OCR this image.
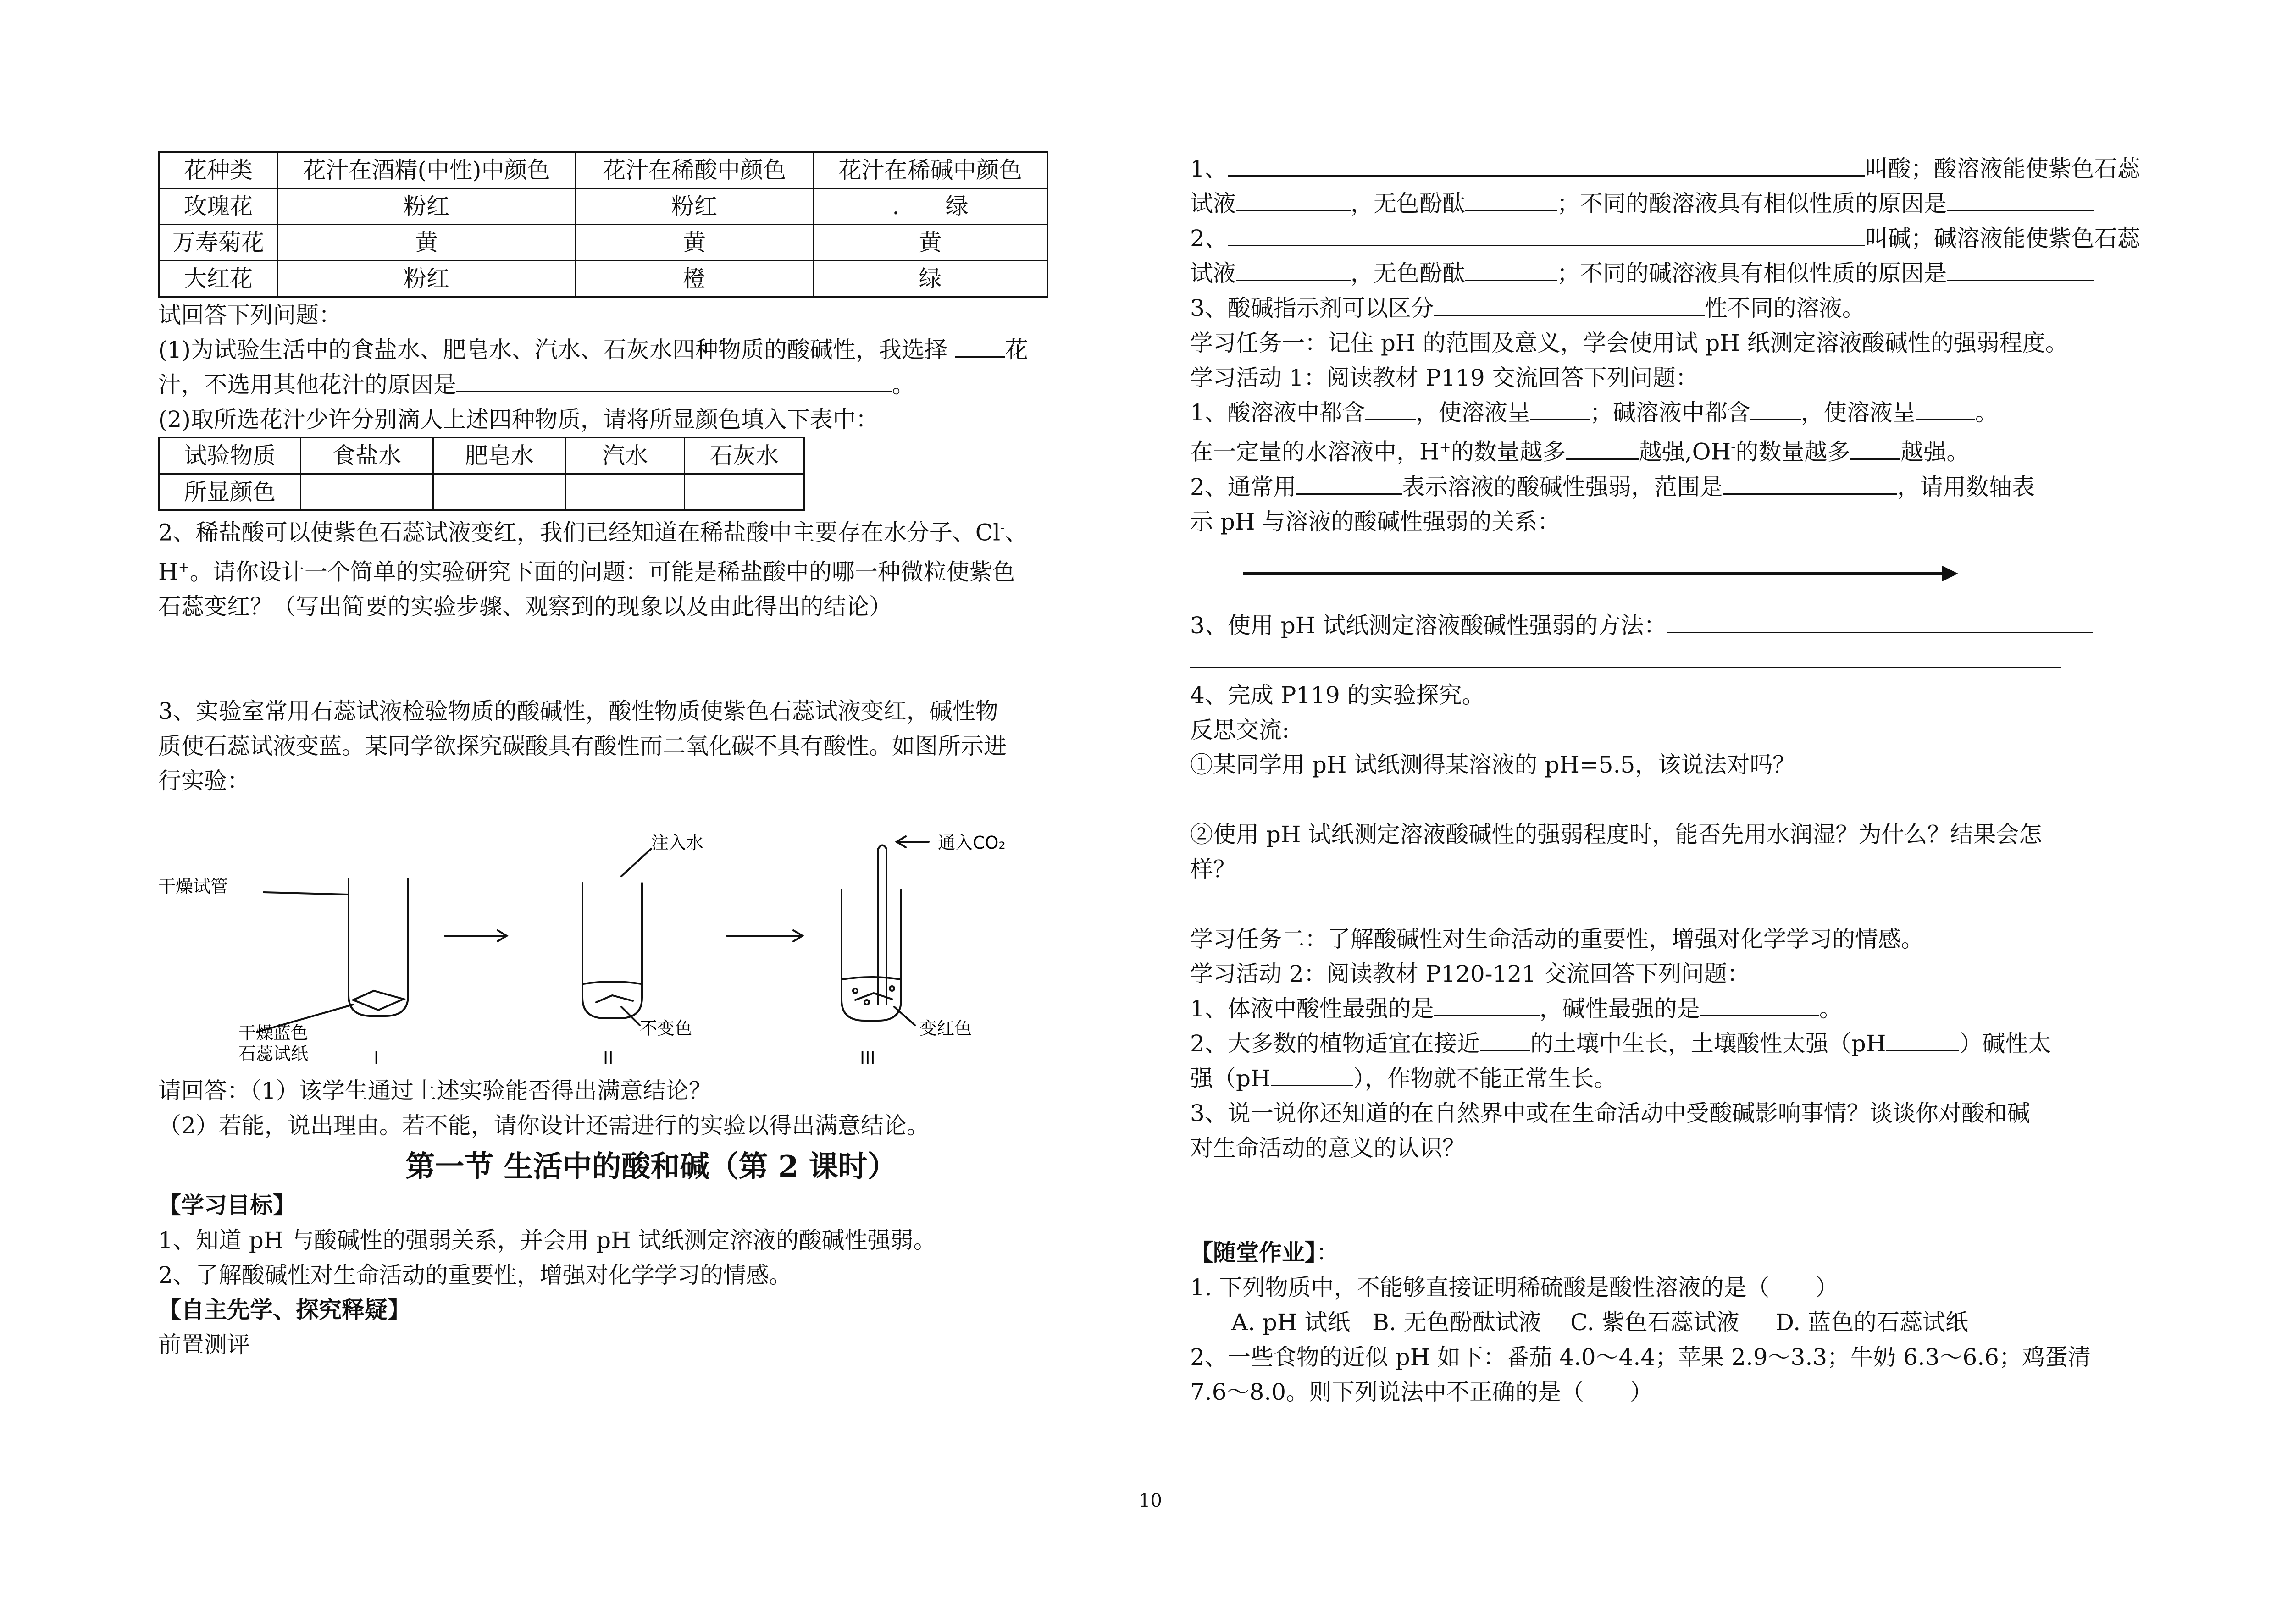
花种类	花汁在酒精(中性)中颜色	花汁在稀酸中颜色	花汁在稀碱中颜色
玫瑰花	粉红	粉红	.　　绿
万寿菊花	黄	黄	黄
大红花	粉红	橙	绿
试回答下列问题：
(1)为试验生活中的食盐水、肥皂水、汽水、石灰水四种物质的酸碱性，我选择	花
汁，不选用其他花汁的原因是	。
(2)取所选花汁少许分别滴人上述四种物质，请将所显颜色填入下表中：
试验物质	食盐水	肥皂水	汽水	石灰水
所显颜色				
2、稀盐酸可以使紫色石蕊试液变红，我们已经知道在稀盐酸中主要存在水分子、Cl-、
H+。请你设计一个简单的实验研究下面的问题：可能是稀盐酸中的哪一种微粒使紫色
石蕊变红？（写出简要的实验步骤、观察到的现象以及由此得出的结论）
3、实验室常用石蕊试液检验物质的酸碱性，酸性物质使紫色石蕊试液变红，碱性物
质使石蕊试液变蓝。某同学欲探究碳酸具有酸性而二氧化碳不具有酸性。如图所示进
行实验：
干燥试管
干燥蓝色
石蕊试纸
注入水
不变色
通入CO₂
变红色
I	II	III
请回答：（1）该学生通过上述实验能否得出满意结论？
（2）若能，说出理由。若不能，请你设计还需进行的实验以得出满意结论。
第一节 生活中的酸和碱（第 2 课时）
【学习目标】
1、知道 pH 与酸碱性的强弱关系，并会用 pH 试纸测定溶液的酸碱性强弱。
2、了解酸碱性对生命活动的重要性，增强对化学学习的情感。
【自主先学、探究释疑】
前置测评
1、	叫酸；酸溶液能使紫色石蕊
试液	，无色酚酞	；不同的酸溶液具有相似性质的原因是
2、	叫碱；碱溶液能使紫色石蕊
试液	，无色酚酞	；不同的碱溶液具有相似性质的原因是
3、酸碱指示剂可以区分	性不同的溶液。
学习任务一：记住 pH 的范围及意义，学会使用试 pH 纸测定溶液酸碱性的强弱程度。
学习活动 1：阅读教材 P119 交流回答下列问题：
1、酸溶液中都含 ，使溶液呈	；碱溶液中都含 ，使溶液呈	。
在一定量的水溶液中，H+的数量越多	越强,OH-的数量越多 越强。
2、通常用	表示溶液的酸碱性强弱，范围是	，请用数轴表
示 pH 与溶液的酸碱性强弱的关系：
3、使用 pH 试纸测定溶液酸碱性强弱的方法：
4、完成 P119 的实验探究。
反思交流:
①某同学用 pH 试纸测得某溶液的 pH=5.5，该说法对吗？
②使用 pH 试纸测定溶液酸碱性的强弱程度时，能否先用水润湿？为什么？结果会怎
样？
学习任务二：了解酸碱性对生命活动的重要性，增强对化学学习的情感。
学习活动 2：阅读教材 P120-121 交流回答下列问题：
1、体液中酸性最强的是	，碱性最强的是	。
2、大多数的植物适宜在接近 的土壤中生长，土壤酸性太强（pH	）碱性太
强（pH	），作物就不能正常生长。
3、说一说你还知道的在自然界中或在生命活动中受酸碱影响事情？谈谈你对酸和碱
对生命活动的意义的认识？
【随堂作业】：
1. 下列物质中，不能够直接证明稀硫酸是酸性溶液的是（　　）
A. pH 试纸   B. 无色酚酞试液    C. 紫色石蕊试液     D. 蓝色的石蕊试纸
2、一些食物的近似 pH 如下：番茄 4.0～4.4；苹果 2.9～3.3；牛奶 6.3～6.6；鸡蛋清
7.6～8.0。则下列说法中不正确的是（　　）
10
